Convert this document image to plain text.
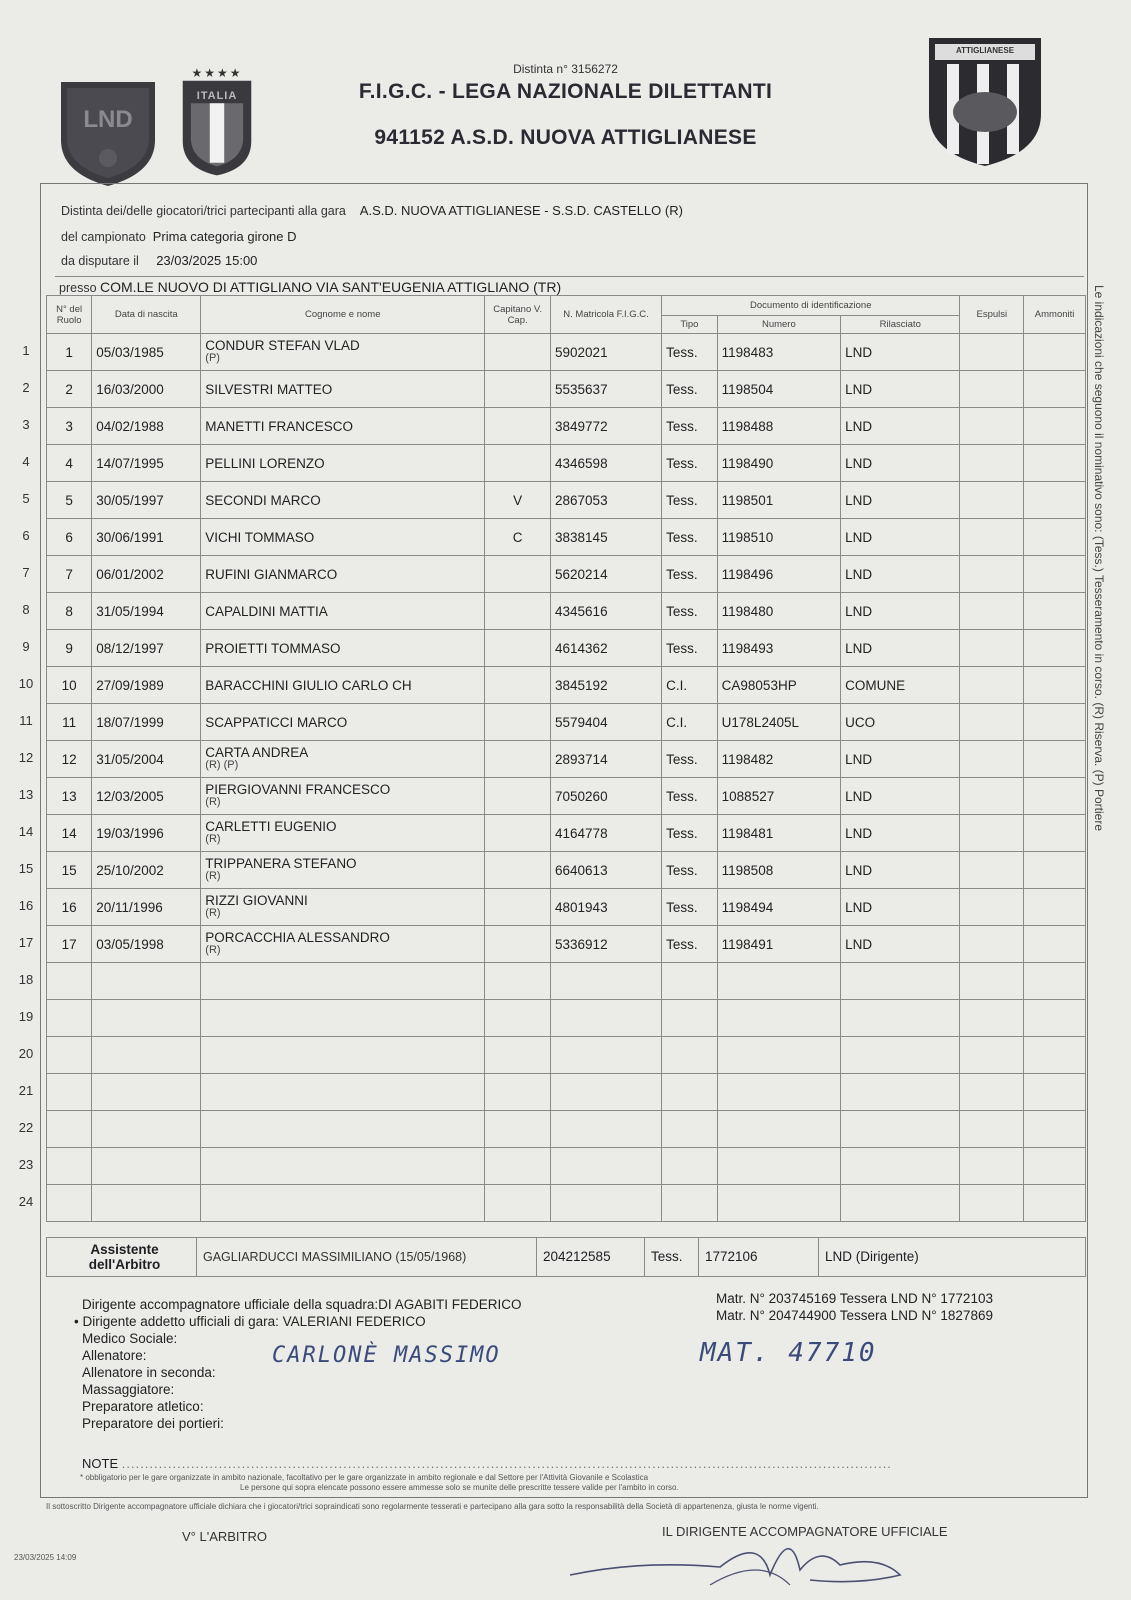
LND
★★★★
ITALIA
ATTIGLIANESE
Distinta n° 3156272
F.I.G.C. - LEGA NAZIONALE DILETTANTI
941152 A.S.D. NUOVA ATTIGLIANESE
Distinta dei/delle giocatori/trici partecipanti alla gara A.S.D. NUOVA ATTIGLIANESE - S.S.D. CASTELLO (R)
del campionato Prima categoria girone D
da disputare il 23/03/2025 15:00
presso COM.LE NUOVO DI ATTIGLIANO VIA SANT'EUGENIA ATTIGLIANO (TR)
N° del Ruolo	Data di nascita	Cognome e nome	Capitano V. Cap.	N. Matricola F.I.G.C.	Documento di identificazione			Espulsi	Ammoniti
					Tipo	Numero	Rilasciato		
1	05/03/1985	CONDUR STEFAN VLAD
(P)		5902021	Tess.	1198483	LND		
2	16/03/2000	SILVESTRI MATTEO		5535637	Tess.	1198504	LND		
3	04/02/1988	MANETTI FRANCESCO		3849772	Tess.	1198488	LND		
4	14/07/1995	PELLINI LORENZO		4346598	Tess.	1198490	LND		
5	30/05/1997	SECONDI MARCO	V	2867053	Tess.	1198501	LND		
6	30/06/1991	VICHI TOMMASO	C	3838145	Tess.	1198510	LND		
7	06/01/2002	RUFINI GIANMARCO		5620214	Tess.	1198496	LND		
8	31/05/1994	CAPALDINI MATTIA		4345616	Tess.	1198480	LND		
9	08/12/1997	PROIETTI TOMMASO		4614362	Tess.	1198493	LND		
10	27/09/1989	BARACCHINI GIULIO CARLO CH		3845192	C.I.	CA98053HP	COMUNE		
11	18/07/1999	SCAPPATICCI MARCO		5579404	C.I.	U178L2405L	UCO		
12	31/05/2004	CARTA ANDREA
(R) (P)		2893714	Tess.	1198482	LND		
13	12/03/2005	PIERGIOVANNI FRANCESCO
(R)		7050260	Tess.	1088527	LND		
14	19/03/1996	CARLETTI EUGENIO
(R)		4164778	Tess.	1198481	LND		
15	25/10/2002	TRIPPANERA STEFANO
(R)		6640613	Tess.	1198508	LND		
16	20/11/1996	RIZZI GIOVANNI
(R)		4801943	Tess.	1198494	LND		
17	03/05/1998	PORCACCHIA ALESSANDRO
(R)		5336912	Tess.	1198491	LND		

1
2
3
4
5
6
7
8
9
10
11
12
13
14
15
16
17
18
19
20
21
22
23
24
Assistente dell'Arbitro	GAGLIARDUCCI MASSIMILIANO (15/05/1968)	204212585	Tess.	1772106	LND (Dirigente)
Dirigente accompagnatore ufficiale della squadra:DI AGABITI FEDERICO
• Dirigente addetto ufficiali di gara: VALERIANI FEDERICO
Medico Sociale:
Allenatore:
Allenatore in seconda:
Massaggiatore:
Preparatore atletico:
Preparatore dei portieri:
Matr. N° 203745169 Tessera LND N° 1772103
Matr. N° 204744900 Tessera LND N° 1827869
CARLONÈ MASSIMO	MAT. 47710
NOTE .......................................................................................................................................................................
* obbligatorio per le gare organizzate in ambito nazionale, facoltativo per le gare organizzate in ambito regionale e dal Settore per l'Attività Giovanile e Scolastica
Le persone qui sopra elencate possono essere ammesse solo se munite delle prescritte tessere valide per l'ambito in corso.
Il sottoscritto Dirigente accompagnatore ufficiale dichiara che i giocatori/trici sopraindicati sono regolarmente tesserati e partecipano alla gara sotto la responsabilità della Società di appartenenza, giusta le norme vigenti.
V° L'ARBITRO	IL DIRIGENTE ACCOMPAGNATORE UFFICIALE
23/03/2025 14:09
Le indicazioni che seguono il nominativo sono: (Tess.) Tesseramento in corso. (R) Riserva. (P) Portiere
